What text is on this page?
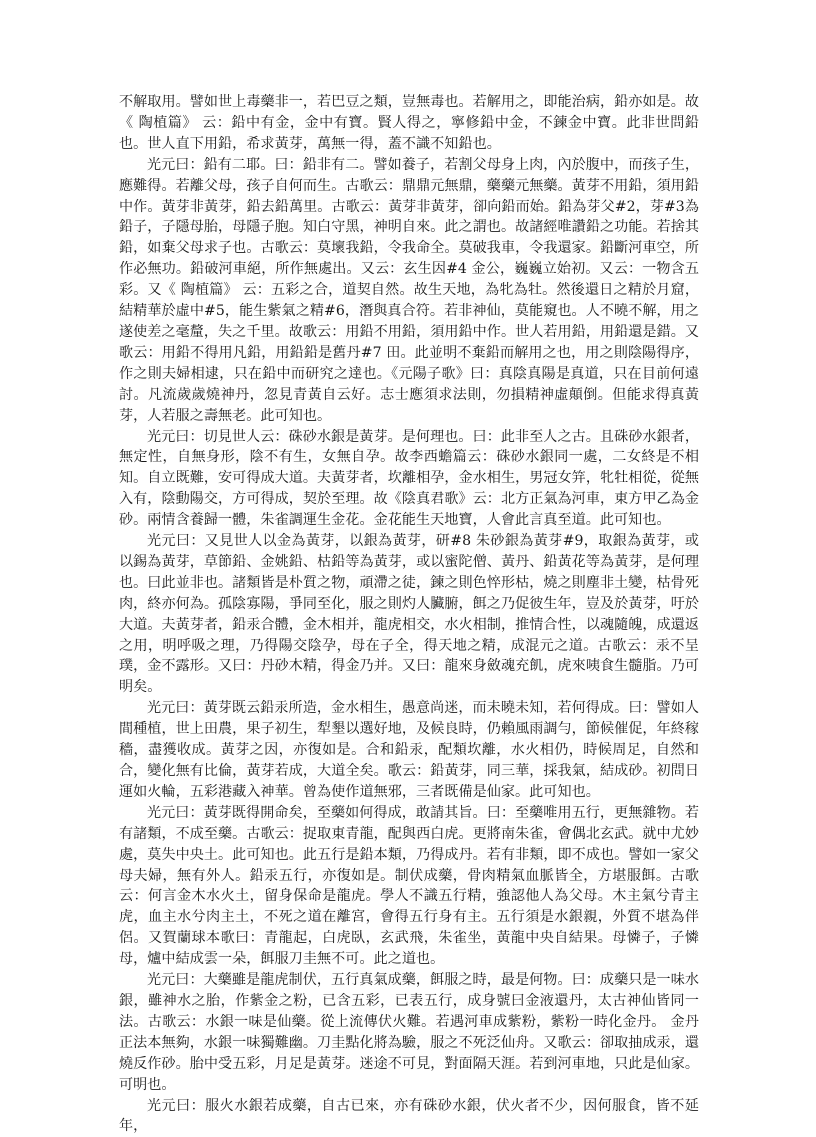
不解取用。譬如世上毒藥非一，若巴豆之類，豈無毒也。若解用之，即能治病，鉛亦如是。故《 陶植篇》 云：鉛中有金，金中有寶。賢人得之，寧修鉛中金，不鍊金中寶。此非世問鉛也。世人直下用鉛，希求黃芽，萬無一得，蓋不識不知鉛也。

光元曰：鉛有二耶。曰：鉛非有二。譬如養子，若割父母身上肉，內於腹中，而孩子生，應難得。若離父母，孩子自何而生。古歌云：鼎鼎元無鼎，藥藥元無藥。黃芽不用鉛，須用鉛中作。黃芽非黃芽，鉛去鉛萬里。古歌云：黃芽非黃芽，卻向鉛而始。鉛為芽父#2，芽#3為鉛子，子隱母胎，母隱子胞。知白守黑，神明自來。此之謂也。故諸經唯讚鉛之功能。若捨其鉛，如棄父母求子也。古歌云：莫壞我鉛，令我命全。莫破我車，令我還家。鉛斷河車空，所作必無功。鉛破河車絕，所作無處出。又云：玄生因#4 金公，巍巍立始初。又云：一物含五彩。又《 陶植篇》 云：五彩之合，道契自然。故生天地，為牝為牡。然後還日之精於月窟，結精華於虛中#5，能生紫氣之精#6，潛與真合符。若非神仙，莫能窺也。人不曉不解，用之遂使差之毫釐，失之千里。故歌云：用鉛不用鉛，須用鉛中作。世人若用鉛，用鉛還是錯。又歌云：用鉛不得用凡鉛，用鉛鉛是舊丹#7 田。此並明不棄鉛而解用之也，用之則陰陽得序，作之則夫婦相逮，只在鉛中而研究之達也。《元陽子歌》曰：真陰真陽是真道，只在目前何遠討。凡流歲歲燒神丹，忽見青黃自云好。志士應須求法則，勿損精神虛顛倒。但能求得真黃芽，人若服之壽無老。此可知也。

光元曰：切見世人云：硃砂水銀是黃芽。是何理也。曰：此非至人之古。且硃砂水銀者，無定性，自無身形，陰不有生，女無自孕。故李西蟾篇云：硃砂水銀同一處，二女終是不相知。自立既難，安可得成大道。夫黃芽者，坎離相孕，金水相生，男冠女笄，牝牡相從，從無入有，陰動陽交，方可得成，契於至理。故《陰真君歌》云：北方正氣為河車，東方甲乙為金砂。兩情含養歸一體，朱雀調運生金花。金花能生天地寶，人會此言真至道。此可知也。

光元曰：又見世人以金為黃芽，以銀為黃芽，研#8 朱砂銀為黃芽#9，取銀為黃芽，或以錫為黃芽，草節鉛、金姚鉛、枯鉛等為黃芽，或以蜜陀僧、黃丹、鉛黃花等為黃芽，是何理也。曰此並非也。諸類皆是朴質之物，頑滯之徒，鍊之則色悴形枯，燒之則塵非土變，枯骨死肉，終亦何為。孤陰寡陽，爭同至化，服之則灼人臟腑，餌之乃促彼生年，豈及於黃芽，吁於大道。夫黃芽者，鉛汞合體，金木相并，龍虎相交，水火相制，推情合性，以魂隨魄，成還返之用，明呼吸之理，乃得陽交陰孕，母在子全，得天地之精，成混元之道。古歌云：汞不呈璞，金不露形。又曰：丹砂木精，得金乃并。又曰：龍來身斂魂充飢，虎來咦食生髓脂。乃可明矣。

光元曰：黃芽既云鉛汞所造，金水相生，愚意尚迷，而未曉未知，若何得成。曰：譬如人間種植，世上田農，果子初生，犁墾以選好地，及候良時，仍賴風雨調勻，節候催促，年終稼穡，盡獲收成。黃芽之因，亦復如是。合和鉛汞，配類坎離，水火相仍，時候周足，自然和合，變化無有比倫，黃芽若成，大道全矣。歌云：鉛黃芽，同三華，採我氣，結成砂。初問日運如火輪，五彩港藏入神華。曾為使作道無邪，三者既備是仙家。此可知也。

光元曰：黃芽既得開命矣，至藥如何得成，敢請其旨。曰：至藥唯用五行，更無雜物。若有諸類，不成至藥。古歌云：捉取東青龍，配與西白虎。更將南朱雀，會偶北玄武。就中尤妙處，莫失中央土。此可知也。此五行是鉛本類，乃得成丹。若有非類，即不成也。譬如一家父母夫婦，無有外人。鉛汞五行，亦復如是。制伏成藥，骨肉精氣血脈皆全，方堪服餌。古歌云：何言金木水火土，留身保命是龍虎。學人不識五行精，強認他人為父母。木主氣兮青主虎，血主水兮肉主土，不死之道在離宮，會得五行身有主。五行須是水銀親，外質不堪為伴侶。又賀蘭球本歌曰：青龍起，白虎臥，玄武飛，朱雀坐，黃龍中央自結果。母憐子，子憐母，爐中結成雲一朵，餌服刀圭無不可。此之道也。

光元曰：大藥雖是龍虎制伏，五行真氣成藥，餌服之時，最是何物。曰：成藥只是一味水銀，雖神水之胎，作紫金之粉，已含五彩，已表五行，成身號曰金液還丹，太古神仙皆同一法。古歌云：水銀一味是仙藥。從上流傳伏火難。若遇河車成紫粉，紫粉一時化金丹。 金丹正法本無夠，水銀一味獨難幽。刀圭點化將為驗，服之不死泛仙舟。又歌云：卻取抽成汞，還燒反作砂。胎中受五彩，月足是黃芽。迷途不可見，對面隔天涯。若到河車地，只此是仙家。可明也。

光元曰：服火水銀若成藥，自古已來，亦有硃砂水銀，伏火者不少，因何服食，皆不延年，
